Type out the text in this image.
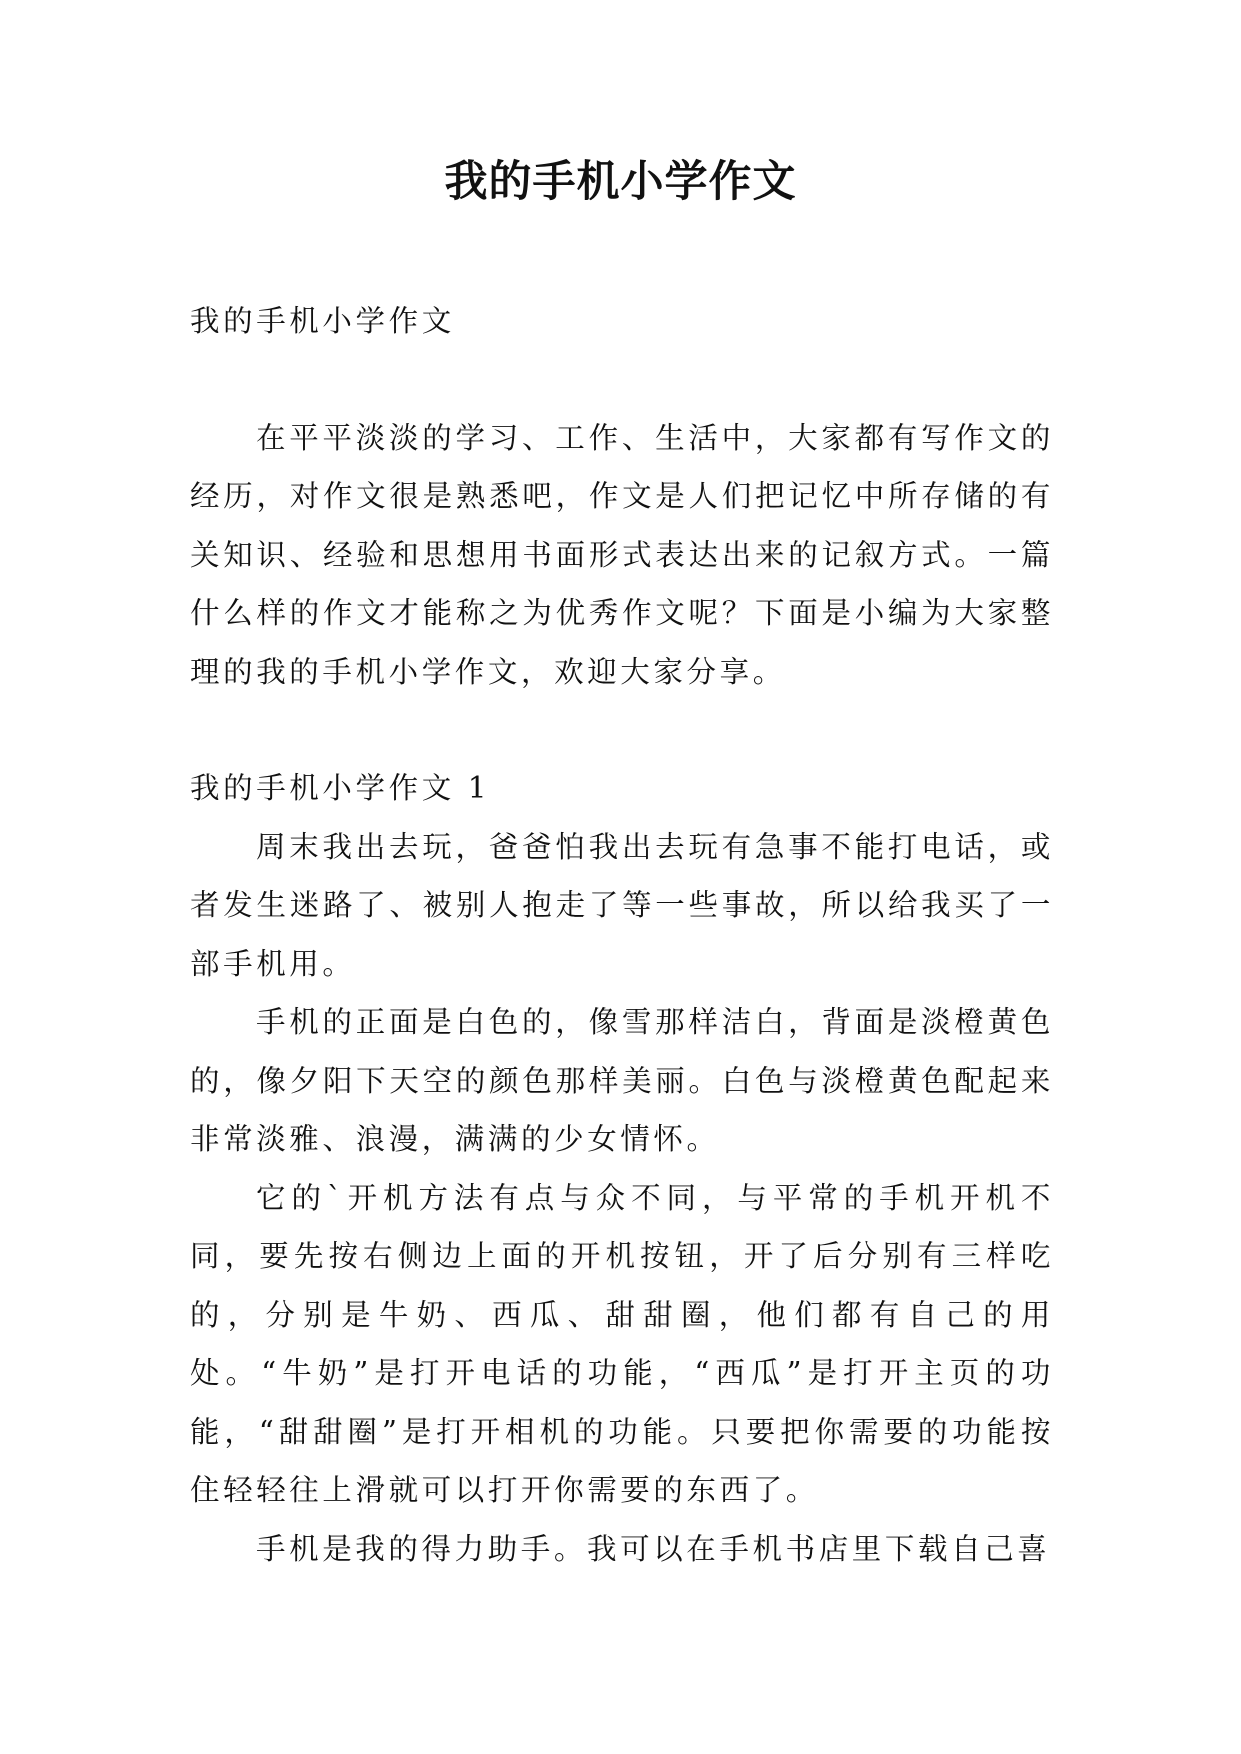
我的手机小学作文

我的手机小学作文

在平平淡淡的学习、工作、生活中，大家都有写作文的经历，对作文很是熟悉吧，作文是人们把记忆中所存储的有关知识、经验和思想用书面形式表达出来的记叙方式。一篇什么样的作文才能称之为优秀作文呢？下面是小编为大家整理的我的手机小学作文，欢迎大家分享。

我的手机小学作文 1

周末我出去玩，爸爸怕我出去玩有急事不能打电话，或者发生迷路了、被别人抱走了等一些事故，所以给我买了一部手机用。

手机的正面是白色的，像雪那样洁白，背面是淡橙黄色的，像夕阳下天空的颜色那样美丽。白色与淡橙黄色配起来非常淡雅、浪漫，满满的少女情怀。

它的`开机方法有点与众不同，与平常的手机开机不同，要先按右侧边上面的开机按钮，开了后分别有三样吃的，分别是牛奶、西瓜、甜甜圈，他们都有自己的用处。“牛奶”是打开电话的功能，“西瓜”是打开主页的功能，“甜甜圈”是打开相机的功能。只要把你需要的功能按住轻轻往上滑就可以打开你需要的东西了。

手机是我的得力助手。我可以在手机书店里下载自己喜
